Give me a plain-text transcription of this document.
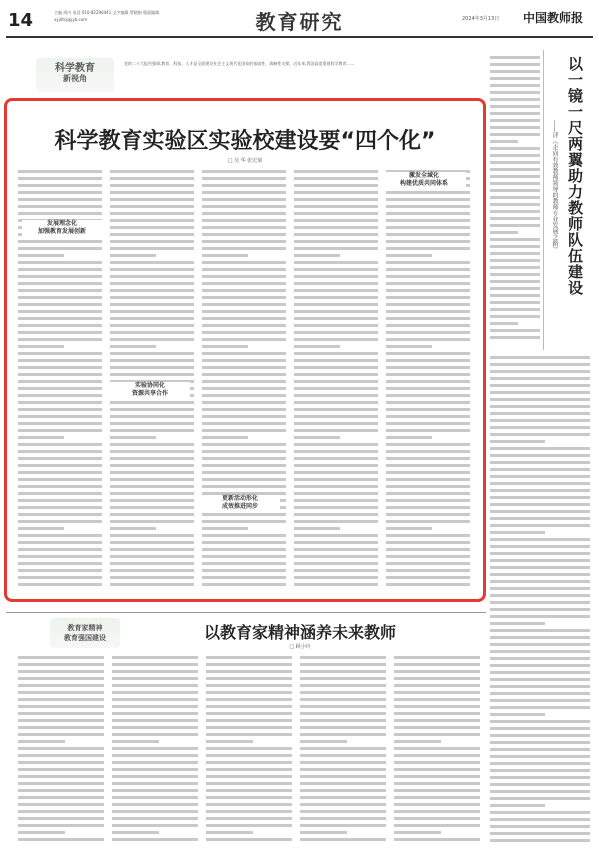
14	主编 周内 电话 010-82296441 文字编辑 罗晓娟 版面编辑 xyjdtcj@jyb.com	教育研究	2024年3月13日 中国教师报
科学教育
新视角
党的二十大报告强调,教育、科技、人才是全面建设社会主义现代化国家的基础性、战略性支撑。近年来,我国高度重视科学教育……
科学教育实验区实验校建设要“四个化”
□ 吴 华 张宏菊
发展理念化
加强教育发展创新
实验协同化
资源共享合作
更新活动形化
成效推进同步
激发全域化
构建优质共同体系	以一镜一尺两翼助力教师队伍建设
——评《走向有效教师领导的教师专业发展之路》
教育家精神
教育强国建设	以教育家精神涵养未来教师
□ 顾小玲
